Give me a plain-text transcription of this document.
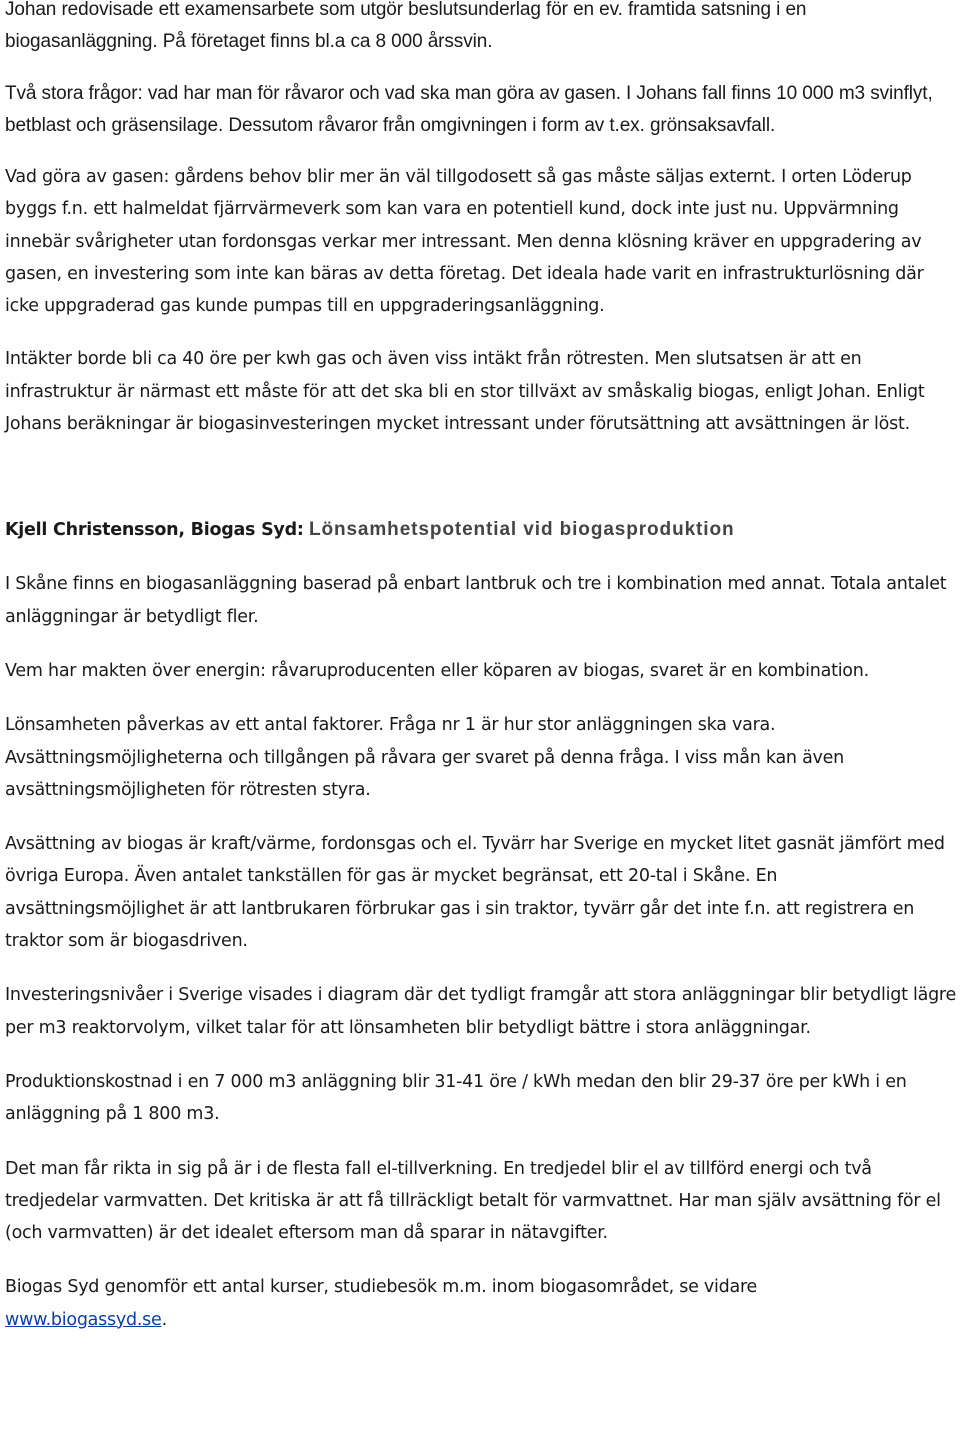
Johan redovisade ett examensarbete som utgör beslutsunderlag för en ev. framtida satsning i en biogasanläggning. På företaget finns bl.a ca 8 000 årssvin.

Två stora frågor: vad har man för råvaror och vad ska man göra av gasen. I Johans fall finns 10 000 m3 svinflyt, betblast och gräsensilage. Dessutom råvaror från omgivningen i form av t.ex. grönsaksavfall.

Vad göra av gasen: gårdens behov blir mer än väl tillgodosett så gas måste säljas externt. I orten Löderup byggs f.n. ett halmeldat fjärrvärmeverk som kan vara en potentiell kund, dock inte just nu. Uppvärmning innebär svårigheter utan fordonsgas verkar mer intressant. Men denna klösning kräver en uppgradering av gasen, en investering som inte kan bäras av detta företag. Det ideala hade varit en infrastrukturlösning där icke uppgraderad gas kunde pumpas till en uppgraderingsanläggning.

Intäkter borde bli ca 40 öre per kwh gas och även viss intäkt från rötresten. Men slutsatsen är att en infrastruktur är närmast ett måste för att det ska bli en stor tillväxt av småskalig biogas, enligt Johan. Enligt Johans beräkningar är biogasinvesteringen mycket intressant under förutsättning att avsättningen är löst.

Kjell Christensson, Biogas Syd: Lönsamhetspotential vid biogasproduktion

I Skåne finns en biogasanläggning baserad på enbart lantbruk och tre i kombination med annat. Totala antalet anläggningar är betydligt fler.

Vem har makten över energin: råvaruproducenten eller köparen av biogas, svaret är en kombination.

Lönsamheten påverkas av ett antal faktorer. Fråga nr 1 är hur stor anläggningen ska vara. Avsättningsmöjligheterna och tillgången på råvara ger svaret på denna fråga. I viss mån kan även avsättningsmöjligheten för rötresten styra.

Avsättning av biogas är kraft/värme, fordonsgas och el. Tyvärr har Sverige en mycket litet gasnät jämfört med övriga Europa. Även antalet tankställen för gas är mycket begränsat, ett 20-tal i Skåne. En avsättningsmöjlighet är att lantbrukaren förbrukar gas i sin traktor, tyvärr går det inte f.n. att registrera en traktor som är biogasdriven.

Investeringsnivåer i Sverige visades i diagram där det tydligt framgår att stora anläggningar blir betydligt lägre per m3 reaktorvolym, vilket talar för att lönsamheten blir betydligt bättre i stora anläggningar.

Produktionskostnad i en 7 000 m3 anläggning blir 31-41 öre / kWh medan den blir 29-37 öre per kWh i en anläggning på 1 800 m3.

Det man får rikta in sig på är i de flesta fall el-tillverkning. En tredjedel blir el av tillförd energi och två tredjedelar varmvatten. Det kritiska är att få tillräckligt betalt för varmvattnet. Har man själv avsättning för el (och varmvatten) är det idealet eftersom man då sparar in nätavgifter.

Biogas Syd genomför ett antal kurser, studiebesök m.m. inom biogasområdet, se vidare
www.biogassyd.se.
